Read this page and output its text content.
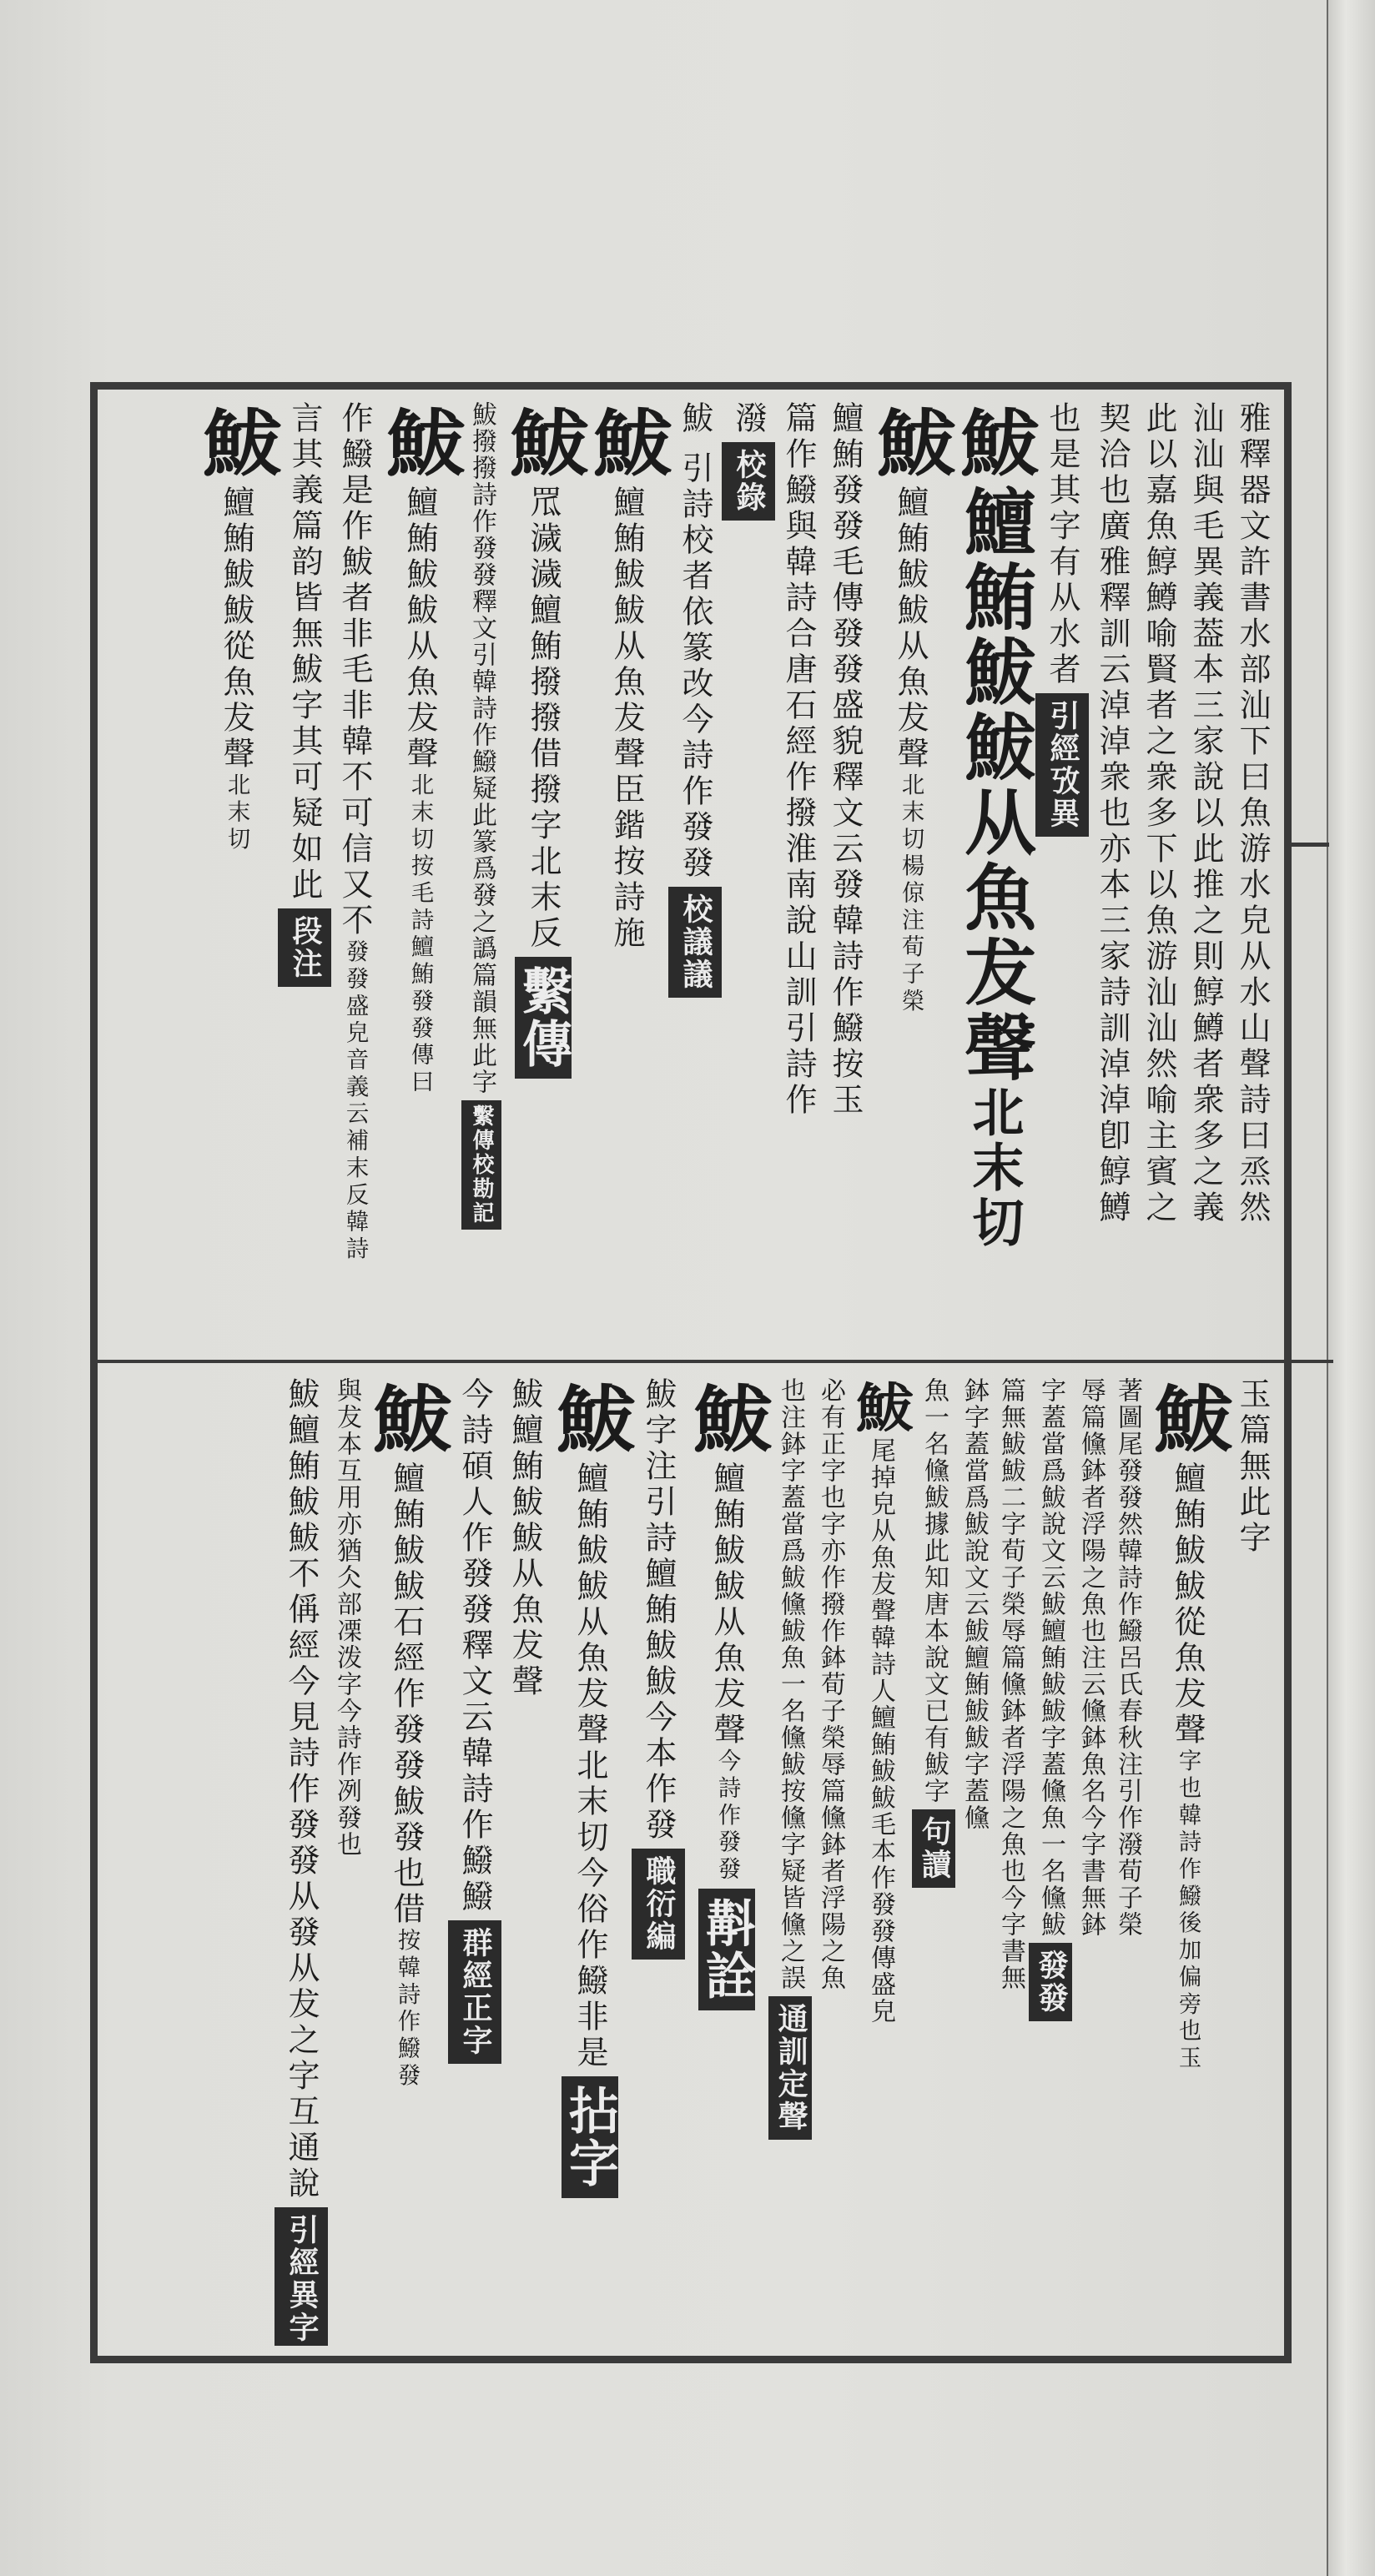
雅釋器文許書水部汕下曰魚游水皃从水山聲詩曰烝然
汕汕與毛異義葢本三家說以此推之則鯙鱒者衆多之義
此以嘉魚鯙鱒喻賢者之衆多下以魚游汕汕然喻主賓之
契洽也廣雅釋訓云淖淖衆也亦本三家詩訓淖淖卽鯙鱒
也是其字有从水者引經攷異
鮁鱣鮪鮁鮁从魚犮聲北末切
鮁鱣鮪鮁鮁从魚犮聲北末切楊倞注荀子榮
鱣鮪發發毛傳發發盛貌釋文云發韓詩作鱍按玉
篇作鱍與韓詩合唐石經作撥淮南說山訓引詩作
潑校錄
鮁 引詩校者依篆改今詩作發發校議議
鮁鱣鮪鮁鮁从魚犮聲臣鍇按詩施
鮁罛濊濊鱣鮪撥撥借撥字北末反繫傳
鮁撥撥詩作發發釋文引韓詩作鱍疑此篆爲發之譌篇韻無此字繫傳校勘記
鮁鱣鮪鮁鮁从魚犮聲北末切按毛詩鱣鮪發發傳曰
作鱍是作鮁者非毛非韓不可信又不發發盛皃音義云補末反韓詩
言其義篇韵皆無鮁字其可疑如此段注
鮁鱣鮪鮁鮁從魚犮聲北末切
玉篇無此字
鮁鱣鮪鮁鮁從魚犮聲字也韓詩作鱍後加偏旁也玉
著圖尾發發然韓詩作鱍呂氏春秋注引作潑荀子榮
辱篇儵鉢者浮陽之魚也注云儵鉢魚名今字書無鉢
字蓋當爲鮁說文云鮁鱣鮪鮁鮁字蓋儵魚一名儵鮁發發
篇無鮁鮁二字荀子榮辱篇儵鉢者浮陽之魚也今字書無
鉢字蓋當爲鮁說文云鮁鱣鮪鮁鮁字蓋儵
魚一名儵鮁據此知唐本說文已有鮁字句讀
鮁尾掉皃从魚犮聲韓詩人鱣鮪鮁鮁毛本作發發傳盛皃
必有正字也字亦作撥作鉢荀子榮辱篇儵鉢者浮陽之魚
也注鉢字蓋當爲鮁儵鮁魚一名儵鮁按儵字疑皆儵之誤通訓定聲
鮁鱣鮪鮁鮁从魚犮聲今詩作發發斠詮
鮁字注引詩鱣鮪鮁鮁今本作發職衍編
鮁鱣鮪鮁鮁从魚犮聲北末切今俗作鱍非是拈字
鮁鱣鮪鮁鮁从魚犮聲
今詩碩人作發發釋文云韓詩作鱍鱍群經正字
鮁鱣鮪鮁鮁石經作發發鮁發也借按韓詩作鱍發
與犮本互用亦猶仌部凓泼字今詩作冽發也
鮁鱣鮪鮁鮁不偁經今見詩作發發从發从犮之字互通說引經異字
